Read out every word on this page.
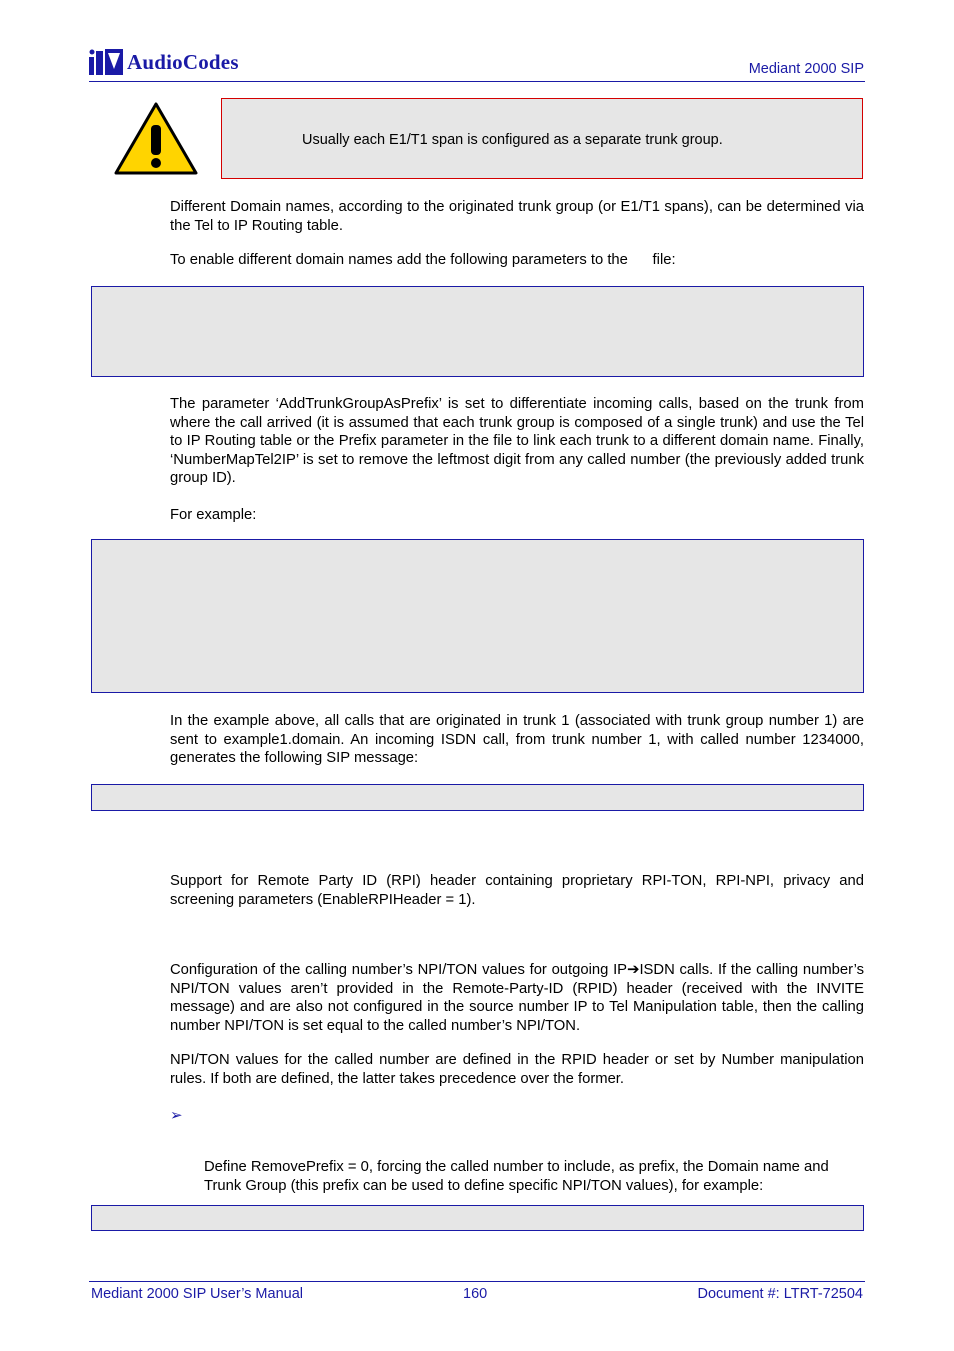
AudioCodes	Mediant 2000 SIP
Usually each E1/T1 span is configured as a separate trunk group.
Different Domain names, according to the originated trunk group (or E1/T1 spans), can be determined via the Tel to IP Routing table.
To enable different domain names add the following parameters to the      file:
The parameter ‘AddTrunkGroupAsPrefix’ is set to differentiate incoming calls, based on the trunk from where the call arrived (it is assumed that each trunk group is composed of a single trunk) and use the Tel to IP Routing table or the Prefix parameter in the file to link each trunk to a different domain name. Finally, ‘NumberMapTel2IP’ is set to remove the leftmost digit from any called number (the previously added trunk group ID).
For example:
In the example above, all calls that are originated in trunk 1 (associated with trunk group number 1) are sent to example1.domain. An incoming ISDN call, from trunk number 1, with called number 1234000, generates the following SIP message:
Support for Remote Party ID (RPI) header containing proprietary RPI-TON, RPI-NPI, privacy and screening parameters (EnableRPIHeader = 1).
Configuration of the calling number’s NPI/TON values for outgoing IP➔ISDN calls. If the calling number’s NPI/TON values aren’t provided in the Remote-Party-ID (RPID) header (received with the INVITE message) and are also not configured in the source number IP to Tel Manipulation table, then the calling number NPI/TON is set equal to the called number’s NPI/TON.
NPI/TON values for the called number are defined in the RPID header or set by Number manipulation rules. If both are defined, the latter takes precedence over the former.
➢
Define RemovePrefix = 0, forcing the called number to include, as prefix, the Domain name and Trunk Group (this prefix can be used to define specific NPI/TON values), for example:
Mediant 2000 SIP User’s Manual	160	Document #: LTRT-72504
